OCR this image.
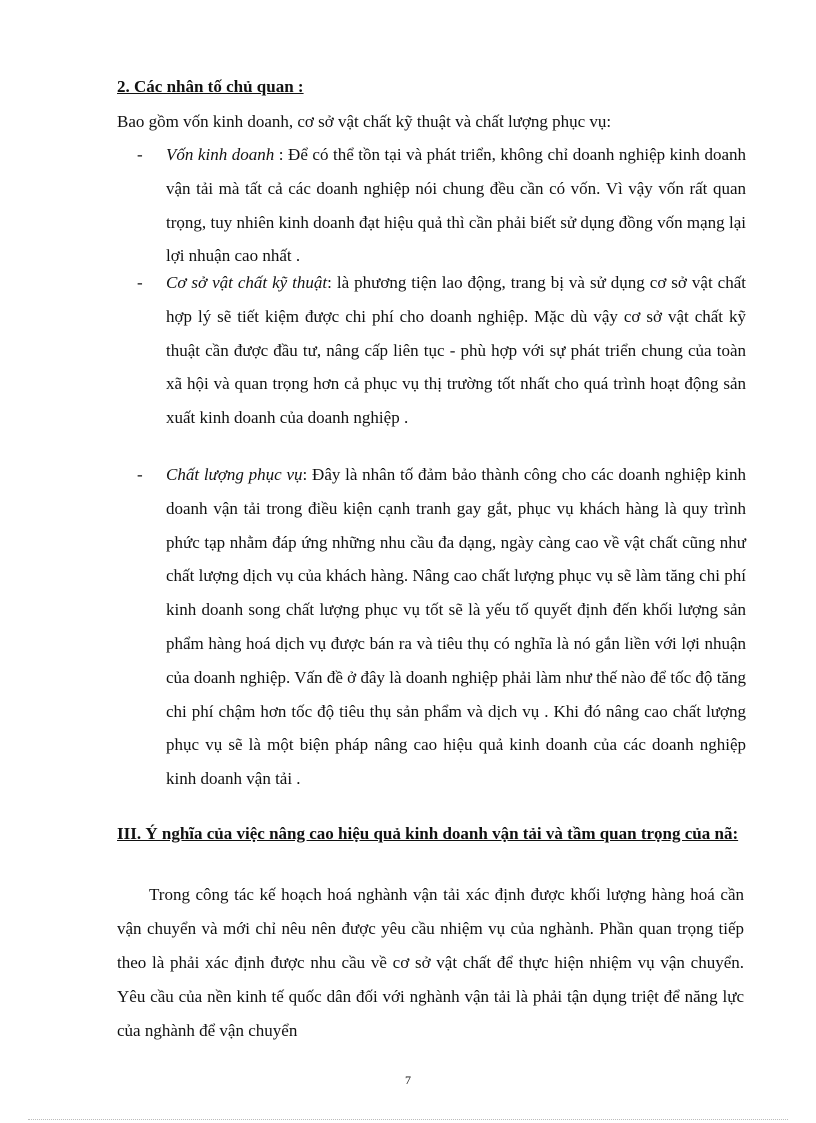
2. Các nhân tố chủ quan :
Bao gồm vốn kinh doanh, cơ sở vật chất kỹ thuật và chất lượng phục vụ:
- Vốn kinh doanh : Để có thể tồn tại và phát triển, không chỉ doanh nghiệp kinh doanh vận tải mà tất cả các doanh nghiệp nói chung đều cần có vốn. Vì vậy vốn rất quan trọng, tuy nhiên kinh doanh đạt hiệu quả thì cần phải biết sử dụng đồng vốn mạng lại lợi nhuận cao nhất .
- Cơ sở vật chất kỹ thuật: là phương tiện lao động, trang bị và sử dụng cơ sở vật chất hợp lý sẽ tiết kiệm được chi phí cho doanh nghiệp. Mặc dù vậy cơ sở vật chất kỹ thuật cần được đầu tư, nâng cấp liên tục - phù hợp với sự phát triển chung của toàn xã hội và quan trọng hơn cả phục vụ thị trường tốt nhất cho quá trình hoạt động sản xuất kinh doanh của doanh nghiệp .
- Chất lượng phục vụ: Đây là nhân tố đảm bảo thành công cho các doanh nghiệp kinh doanh vận tải trong điều kiện cạnh tranh gay gắt, phục vụ khách hàng là quy trình phức tạp nhằm đáp ứng những nhu cầu đa dạng, ngày càng cao về vật chất cũng như chất lượng dịch vụ của khách hàng. Nâng cao chất lượng phục vụ sẽ làm tăng chi phí kinh doanh song chất lượng phục vụ tốt sẽ là yếu tố quyết định đến khối lượng sản phẩm hàng hoá dịch vụ được bán ra và tiêu thụ có nghĩa là nó gắn liền với lợi nhuận của doanh nghiệp. Vấn đề ở đây là doanh nghiệp phải làm như thế nào để tốc độ tăng chi phí chậm hơn tốc độ tiêu thụ sản phẩm và dịch vụ . Khi đó nâng cao chất lượng phục vụ sẽ là một biện pháp nâng cao hiệu quả kinh doanh của các doanh nghiệp kinh doanh vận tải .
III. Ý nghĩa của việc nâng cao hiệu quả kinh doanh vận tải và tầm quan trọng của nã:
Trong công tác kế hoạch hoá nghành vận tải xác định được khối lượng hàng hoá cần vận chuyển và mới chỉ nêu nên được yêu cầu nhiệm vụ của nghành. Phần quan trọng tiếp theo là phải xác định được nhu cầu về cơ sở vật chất để thực hiện nhiệm vụ vận chuyển. Yêu cầu của nền kinh tế quốc dân đối với nghành vận tải là phải tận dụng triệt để năng lực của nghành để vận chuyển
7
